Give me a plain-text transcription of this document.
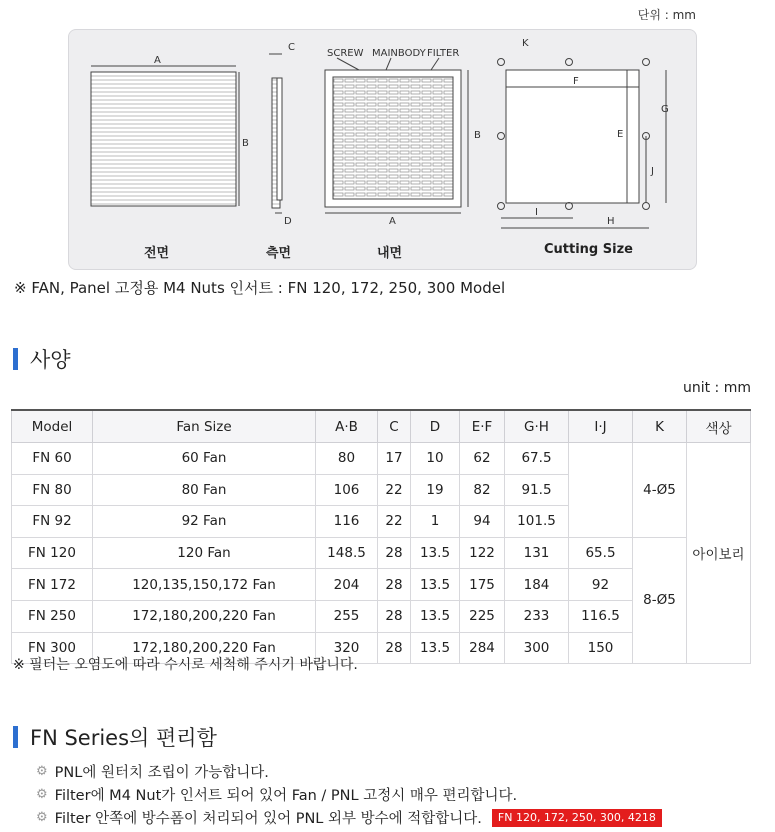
단위 : mm
A
B
C
D
SCREW MAINBODY FILTER
A
B
K
F
E
G
J
I
H
전면	측면	내면	Cutting Size
※ FAN, Panel 고정용 M4 Nuts 인서트 : FN 120, 172, 250, 300 Model
사양
unit : mm
Model	Fan Size	A·B	C	D	E·F	G·H	I·J	K	색상
FN 60	60 Fan	80	17	10	62	67.5		4-Ø5	아이보리
FN 80	80 Fan	106	22	19	82	91.5			
FN 92	92 Fan	116	22	1	94	101.5			
FN 120	120 Fan	148.5	28	13.5	122	131	65.5	8-Ø5	
FN 172	120,135,150,172 Fan	204	28	13.5	175	184	92		
FN 250	172,180,200,220 Fan	255	28	13.5	225	233	116.5		
FN 300	172,180,200,220 Fan	320	28	13.5	284	300	150		
※ 필터는 오염도에 따라 수시로 세척해 주시기 바랍니다.
FN Series의 편리함
⚙ PNL에 원터치 조립이 가능합니다.
⚙ Filter에 M4 Nut가 인서트 되어 있어 Fan / PNL 고정시 매우 편리합니다.
⚙ Filter 안쪽에 방수폼이 처리되어 있어 PNL 외부 방수에 적합합니다.	FN 120, 172, 250, 300, 4218
